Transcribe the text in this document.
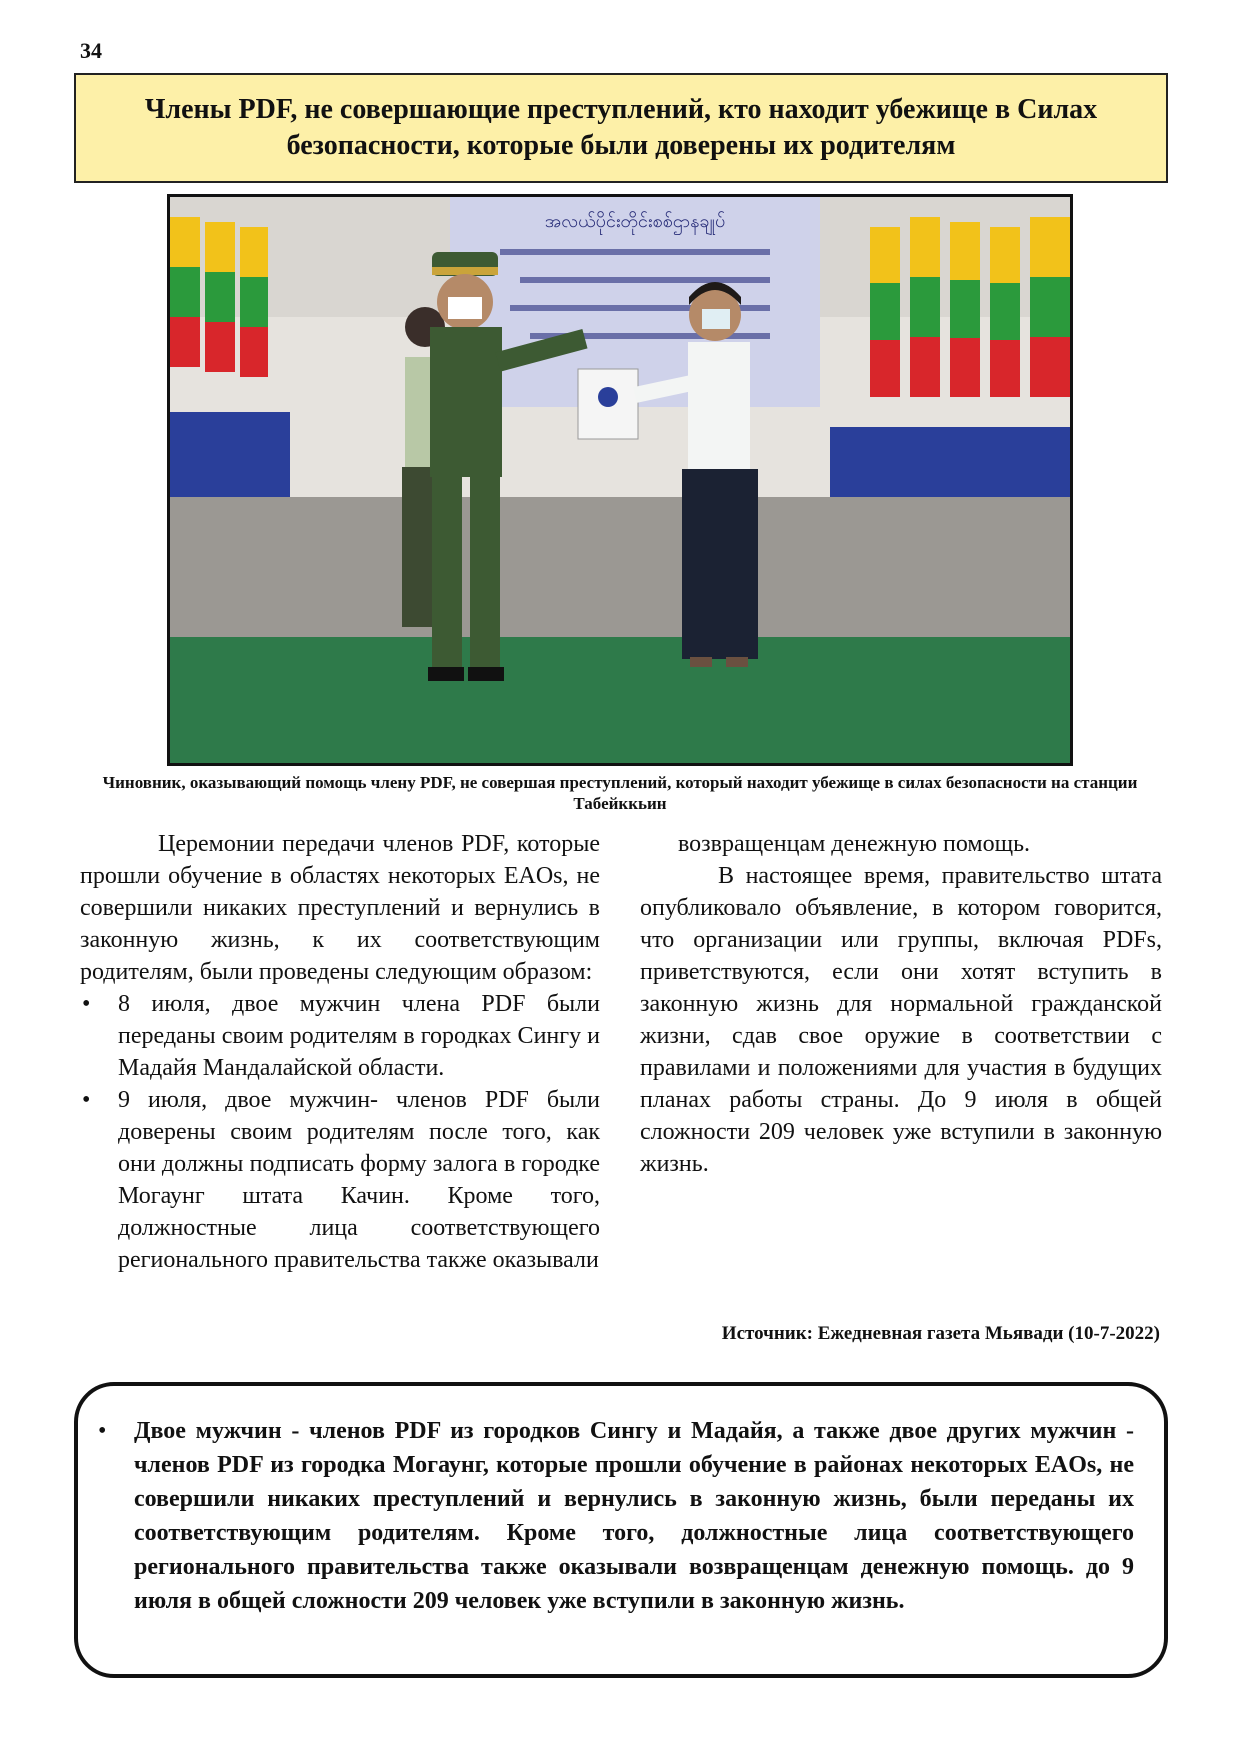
34
Члены PDF, не совершающие преступлений, кто находит убежище в Силах безопасности, которые были доверены их родителям
အလယ်ပိုင်းတိုင်းစစ်ဌာနချုပ်
Чиновник, оказывающий помощь члену PDF, не совершая преступлений, который находит убежище в силах безопасности на станции Табейккьин

Церемонии передачи членов PDF, которые прошли обучение в областях некоторых EAOs, не совершили никаких преступлений и вернулись в законную жизнь, к их соответствующим родителям, были проведены следующим образом:

• 8 июля, двое мужчин члена PDF были переданы своим родителям в городках Сингу и Мадайя Мандалайской области.
• 9 июля, двое мужчин- членов PDF были доверены своим родителям после того, как они должны подписать форму залога в городке Могаунг штата Качин. Кроме того, должностные лица соответствующего регионального правительства также оказывали

возвращенцам денежную помощь.

В настоящее время, правительство штата опубликовало объявление, в котором говорится, что организации или группы, включая PDFs, приветствуются, если они хотят вступить в законную жизнь для нормальной гражданской жизни, сдав свое оружие в соответствии с правилами и положениями для участия в будущих планах работы страны. До 9 июля в общей сложности 209 человек уже вступили в законную жизнь.

Источник: Ежедневная газета Мьявади (10-7-2022)
• Двое мужчин - членов PDF из городков Сингу и Мадайя, а также двое других мужчин - членов PDF из городка Могаунг, которые прошли обучение в районах некоторых EAOs, не совершили никаких преступлений и вернулись в законную жизнь, были переданы их соответствующим родителям. Кроме того, должностные лица соответствующего регионального правительства также оказывали возвращенцам денежную помощь. до 9 июля в общей сложности 209 человек уже вступили в законную жизнь.
